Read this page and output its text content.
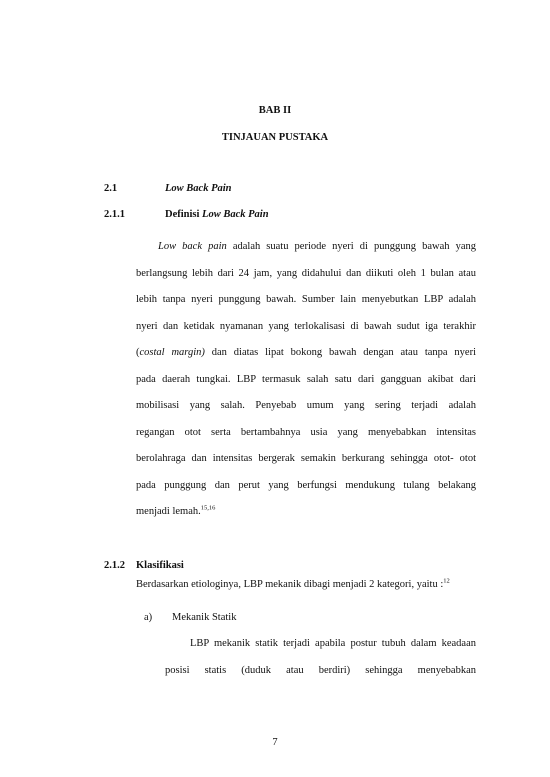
BAB II
TINJAUAN PUSTAKA
2.1	Low Back Pain
2.1.1	Definisi Low Back Pain
Low back pain adalah suatu periode nyeri di punggung bawah yang
berlangsung lebih dari 24 jam, yang didahului dan diikuti oleh 1 bulan atau
lebih tanpa nyeri punggung bawah. Sumber lain menyebutkan LBP adalah
nyeri dan ketidak nyamanan yang terlokalisasi di bawah sudut iga terakhir
(costal margin) dan diatas lipat bokong bawah dengan atau tanpa nyeri
pada daerah tungkai. LBP termasuk salah satu dari gangguan akibat dari
mobilisasi yang salah. Penyebab umum yang sering terjadi adalah
regangan otot serta bertambahnya usia yang menyebabkan intensitas
berolahraga dan intensitas bergerak semakin berkurang sehingga otot- otot
pada punggung dan perut yang berfungsi mendukung tulang belakang
menjadi lemah.$^{15,16}$
2.1.2 Klasifikasi
Berdasarkan etiologinya, LBP mekanik dibagi menjadi 2 kategori, yaitu :$^{12}$
a) Mekanik Statik
LBP mekanik statik terjadi apabila postur tubuh dalam keadaan
posisi statis (duduk atau berdiri) sehingga menyebabkan
7
